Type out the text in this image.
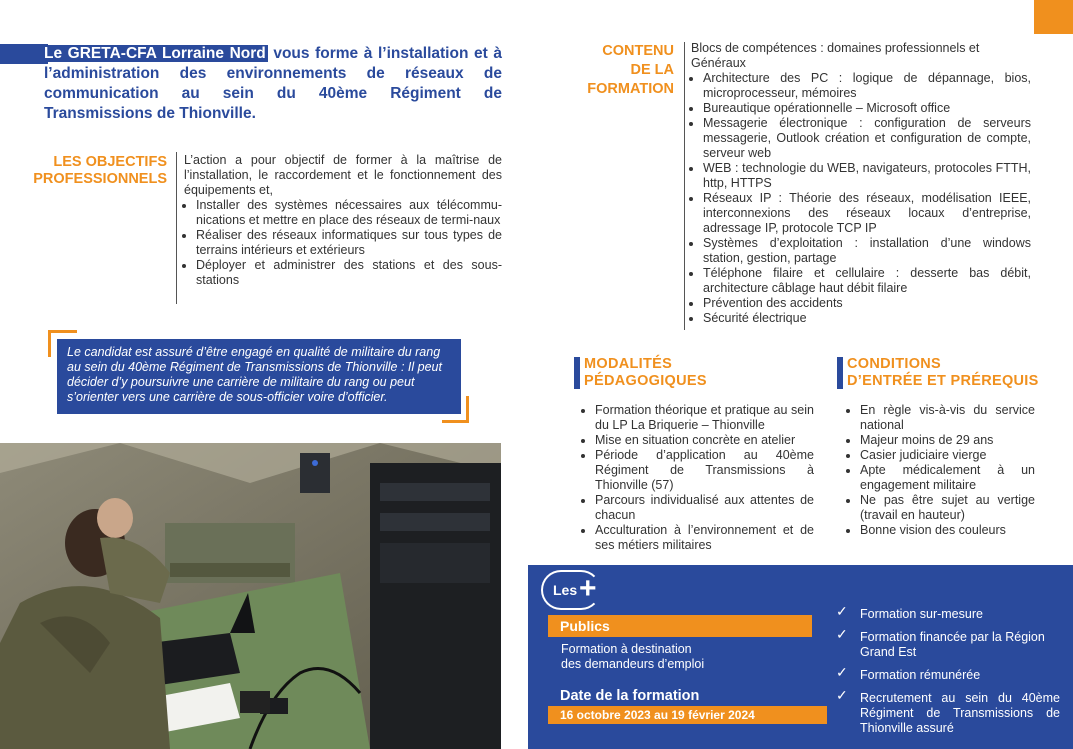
Le GRETA-CFA Lorraine Nord vous forme à l’installation et à l’administration des environnements de réseaux de communication au sein du 40ème Régiment de Transmissions de Thionville.
LES OBJECTIFS
PROFESSIONNELS
L’action a pour objectif de former à la maîtrise de l’installation, le raccordement et le fonctionnement des équipements et,
• Installer des systèmes nécessaires aux télécommu-nications et mettre en place des réseaux de termi-naux
• Réaliser des réseaux informatiques sur tous types de terrains intérieurs et extérieurs
• Déployer et administrer des stations et des sous-stations
Le candidat est assuré d’être engagé en qualité de militaire du rang au sein du 40ème Régiment de Transmissions de Thionville : Il peut décider d’y poursuivre une carrière de militaire du rang ou peut s’orienter vers une carrière de sous-officier voire d’officier.
CONTENU
DE LA
FORMATION
Blocs de compétences : domaines professionnels et Généraux
• Architecture des PC : logique de dépannage, bios, microprocesseur, mémoires
• Bureautique opérationnelle – Microsoft office
• Messagerie électronique : configuration de serveurs messagerie, Outlook création et configuration de compte, serveur web
• WEB : technologie du WEB, navigateurs, protocoles FTTH, http, HTTPS
• Réseaux IP : Théorie des réseaux, modélisation IEEE, interconnexions des réseaux locaux d’entreprise, adressage IP, protocole TCP IP
• Systèmes d’exploitation : installation d’une windows station, gestion, partage
• Téléphone filaire et cellulaire : desserte bas débit, architecture câblage haut débit filaire
• Prévention des accidents
• Sécurité électrique
MODALITÉS
PÉDAGOGIQUES
• Formation théorique et pratique au sein du LP La Briquerie – Thionville
• Mise en situation concrète en atelier
• Période d’application au 40ème Régiment de Transmissions à Thionville (57)
• Parcours individualisé aux attentes de chacun
• Acculturation à l’environnement et de ses métiers militaires
CONDITIONS
D’ENTRÉE ET PRÉREQUIS
• En règle vis-à-vis du service national
• Majeur moins de 29 ans
• Casier judiciaire vierge
• Apte médicalement à un engagement militaire
• Ne pas être sujet au vertige (travail en hauteur)
• Bonne vision des couleurs
Les +
Publics
Formation à destination
des demandeurs d’emploi
Date de la formation
16 octobre 2023 au 19 février 2024
✓ Formation sur-mesure
✓ Formation financée par la Région Grand Est
✓ Formation rémunérée
✓ Recrutement au sein du 40ème Régiment de Transmissions de Thionville assuré
